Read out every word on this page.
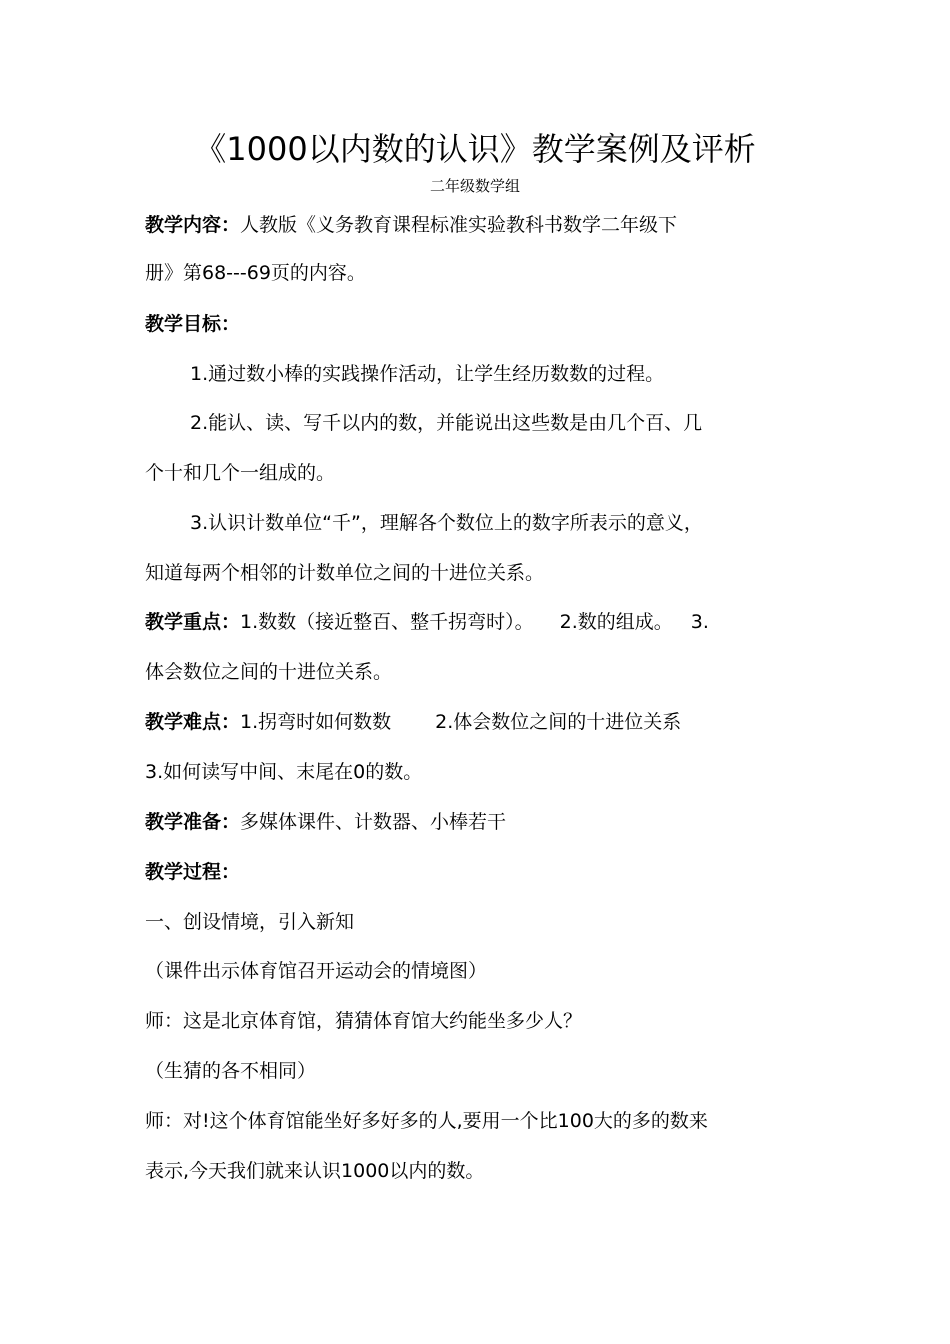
《1000以内数的认识》教学案例及评析
二年级数学组
教学内容：人教版《义务教育课程标准实验教科书数学二年级下
册》第68---69页的内容。
教学目标：
1.通过数小棒的实践操作活动，让学生经历数数的过程。
2.能认、读、写千以内的数，并能说出这些数是由几个百、几
个十和几个一组成的。
3.认识计数单位“千”，理解各个数位上的数字所表示的意义，
知道每两个相邻的计数单位之间的十进位关系。
教学重点：1.数数（接近整百、整千拐弯时）。 2.数的组成。 3.
体会数位之间的十进位关系。
教学难点：1.拐弯时如何数数 2.体会数位之间的十进位关系
3.如何读写中间、末尾在0的数。
教学准备：多媒体课件、计数器、小棒若干
教学过程：
一、创设情境，引入新知
（课件出示体育馆召开运动会的情境图）
师：这是北京体育馆，猜猜体育馆大约能坐多少人？
（生猜的各不相同）
师：对!这个体育馆能坐好多好多的人,要用一个比100大的多的数来
表示,今天我们就来认识1000以内的数。
